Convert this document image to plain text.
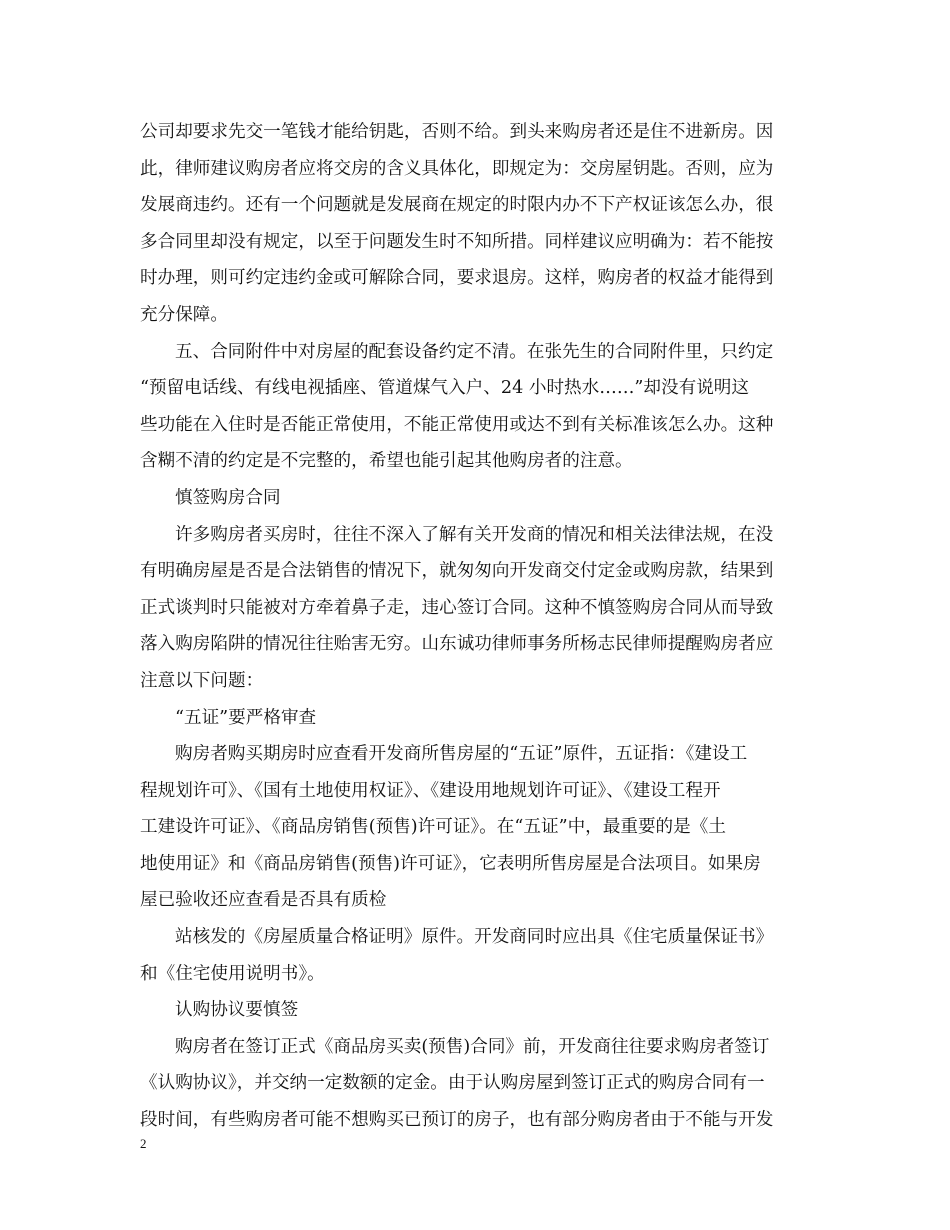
公司却要求先交一笔钱才能给钥匙，否则不给。到头来购房者还是住不进新房。因
此，律师建议购房者应将交房的含义具体化，即规定为：交房屋钥匙。否则，应为
发展商违约。还有一个问题就是发展商在规定的时限内办不下产权证该怎么办，很
多合同里却没有规定，以至于问题发生时不知所措。同样建议应明确为：若不能按
时办理，则可约定违约金或可解除合同，要求退房。这样，购房者的权益才能得到
充分保障。
五、合同附件中对房屋的配套设备约定不清。在张先生的合同附件里，只约定
“预留电话线、有线电视插座、管道煤气入户、24 小时热水……”却没有说明这
些功能在入住时是否能正常使用，不能正常使用或达不到有关标准该怎么办。这种
含糊不清的约定是不完整的，希望也能引起其他购房者的注意。
慎签购房合同
许多购房者买房时，往往不深入了解有关开发商的情况和相关法律法规，在没
有明确房屋是否是合法销售的情况下，就匆匆向开发商交付定金或购房款，结果到
正式谈判时只能被对方牵着鼻子走，违心签订合同。这种不慎签购房合同从而导致
落入购房陷阱的情况往往贻害无穷。山东诚功律师事务所杨志民律师提醒购房者应
注意以下问题：
“五证”要严格审查
购房者购买期房时应查看开发商所售房屋的“五证”原件，五证指：《建设工
程规划许可》、《国有土地使用权证》、《建设用地规划许可证》、《建设工程开
工建设许可证》、《商品房销售(预售)许可证》。在“五证”中，最重要的是《土
地使用证》和《商品房销售(预售)许可证》，它表明所售房屋是合法项目。如果房
屋已验收还应查看是否具有质检
站核发的《房屋质量合格证明》原件。开发商同时应出具《住宅质量保证书》
和《住宅使用说明书》。
认购协议要慎签
购房者在签订正式《商品房买卖(预售)合同》前，开发商往往要求购房者签订
《认购协议》，并交纳一定数额的定金。由于认购房屋到签订正式的购房合同有一
段时间，有些购房者可能不想购买已预订的房子，也有部分购房者由于不能与开发
2
